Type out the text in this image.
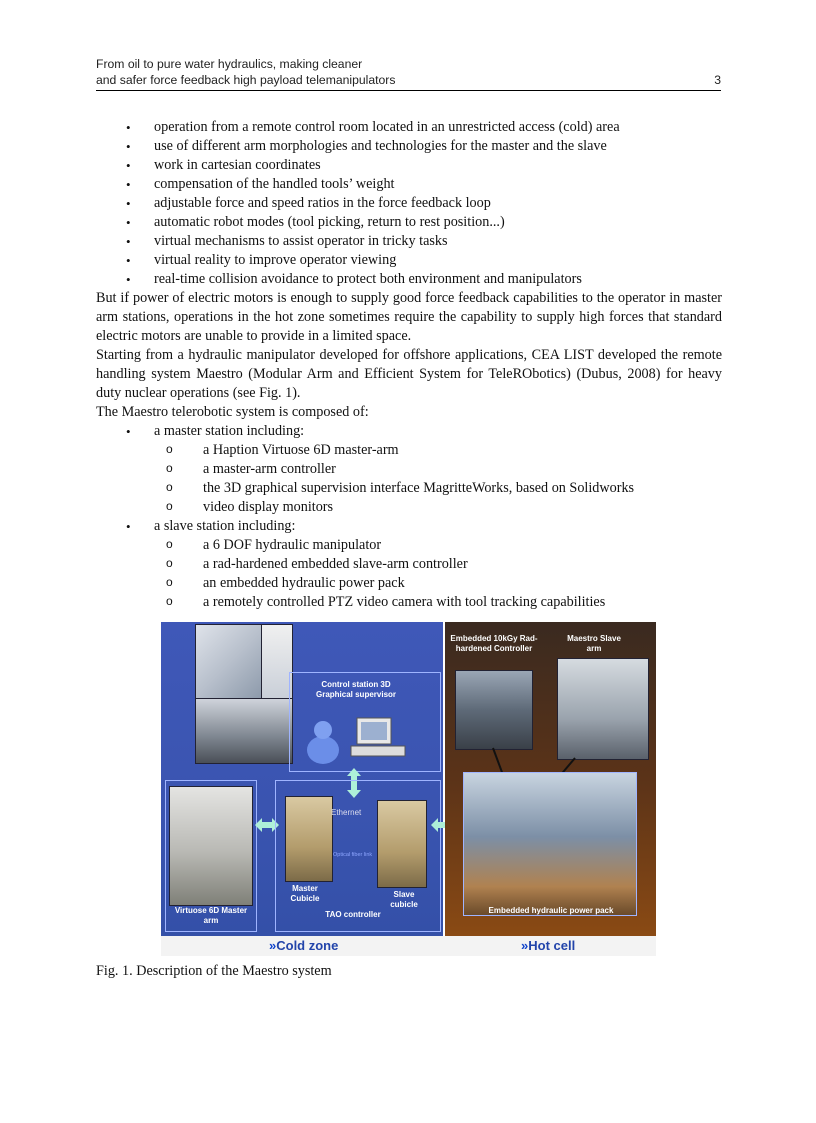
From oil to pure water hydraulics, making cleaner
and safer force feedback high payload telemanipulators	3
• operation from a remote control room located in an unrestricted access (cold) area
• use of different arm morphologies and technologies for the master and the slave
• work in cartesian coordinates
• compensation of the handled tools’ weight
• adjustable force and speed ratios in the force feedback loop
• automatic robot modes (tool picking, return to rest position...)
• virtual mechanisms to assist operator in tricky tasks
• virtual reality to improve operator viewing
• real-time collision avoidance to protect both environment and manipulators

But if power of electric motors is enough to supply good force feedback capabilities to the operator in master arm stations, operations in the hot zone sometimes require the capability to supply high forces that standard electric motors are unable to provide in a limited space.

Starting from a hydraulic manipulator developed for offshore applications, CEA LIST developed the remote handling system Maestro (Modular Arm and Efficient System for TeleRObotics) (Dubus, 2008) for heavy duty nuclear operations (see Fig. 1).

The Maestro telerobotic system is composed of:

• a master station including:
o a Haption Virtuose 6D master-arm
o a master-arm controller
o the 3D graphical supervision interface MagritteWorks, based on Solidworks
o video display monitors
• a slave station including:
o a 6 DOF hydraulic manipulator
o a rad-hardened embedded slave-arm controller
o an embedded hydraulic power pack
o a remotely controlled PTZ video camera with tool tracking capabilities
Control station 3D Graphical supervisor
Virtuose 6D Master arm
Ethernet
Optical fiber link
Master Cubicle	Slave cubicle
TAO controller
Embedded 10kGy Rad-hardened Controller
Maestro Slave arm
Embedded hydraulic power pack
»Cold zone	»Hot cell
Fig. 1. Description of the Maestro system
